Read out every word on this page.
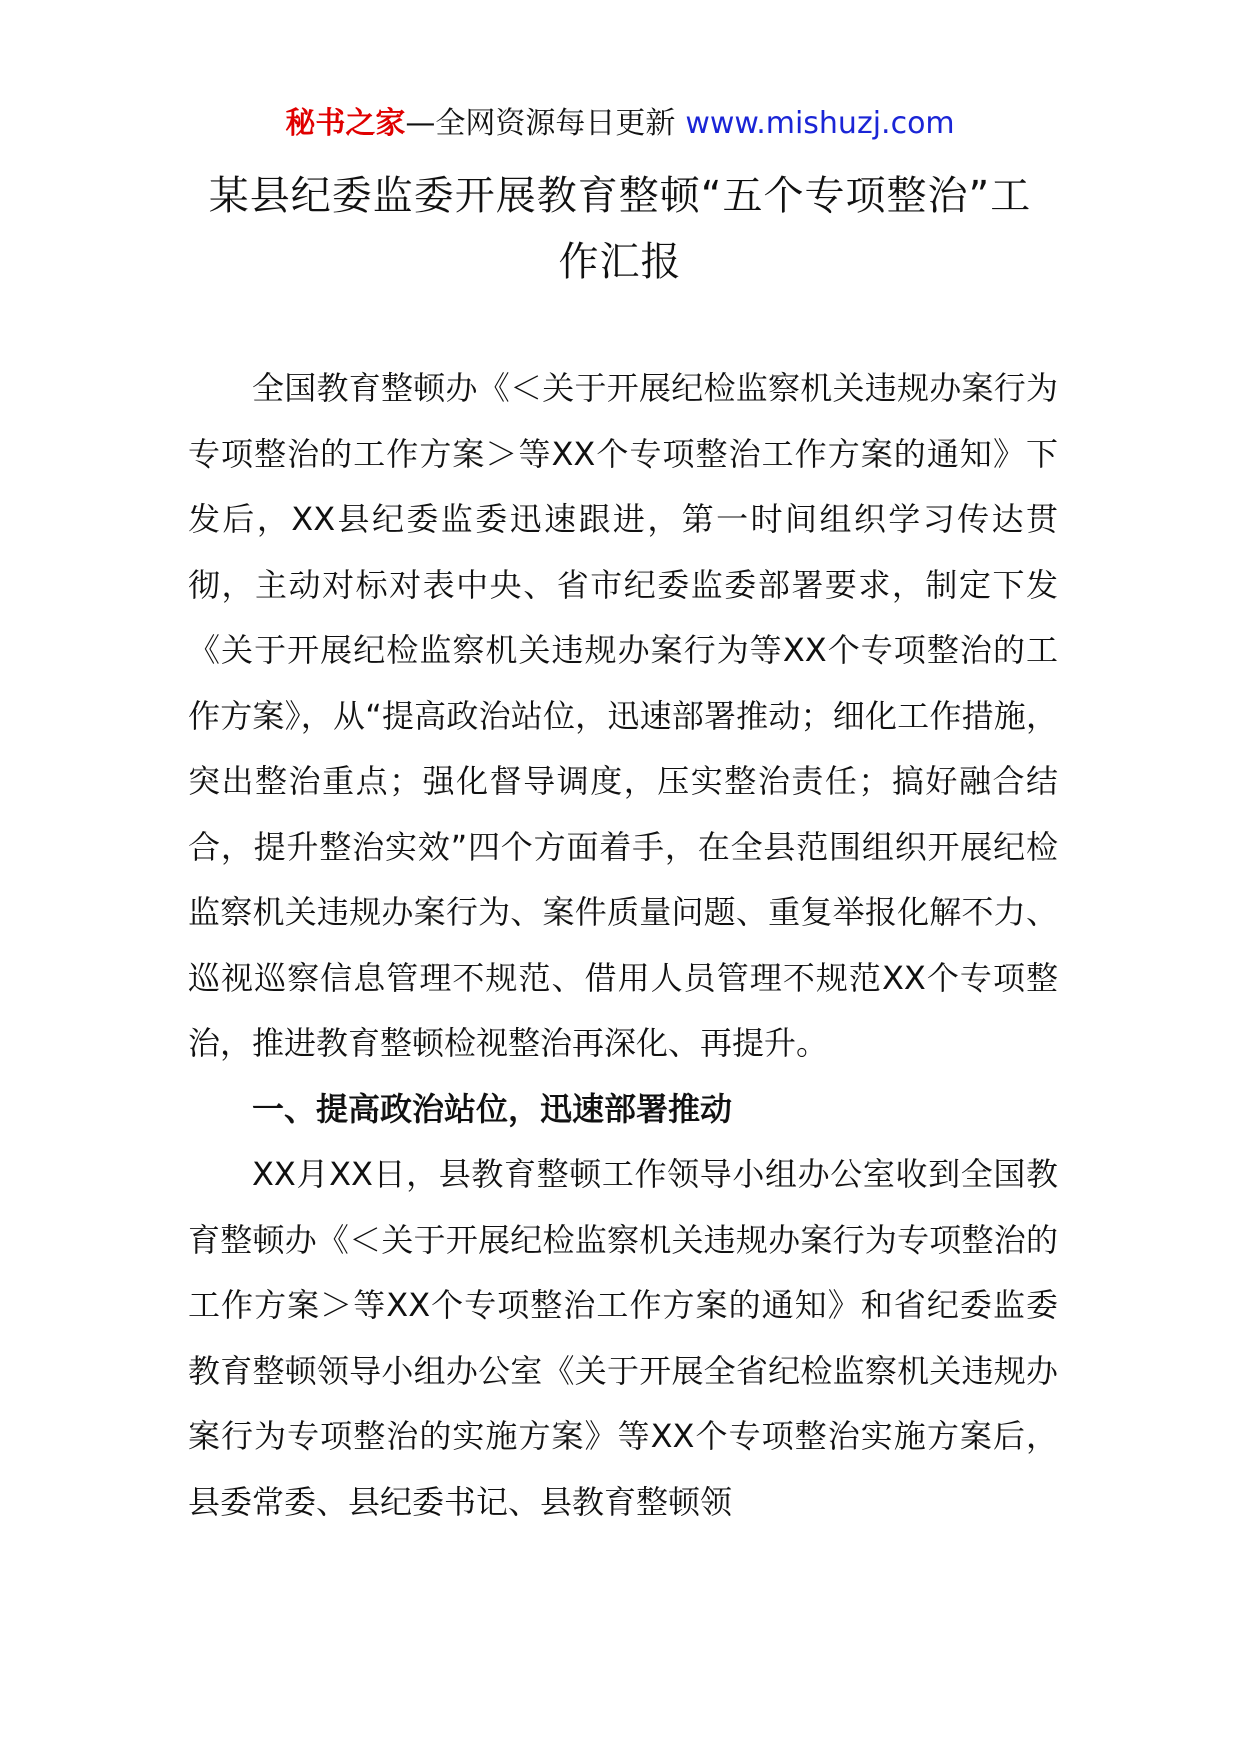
秘书之家—全网资源每日更新 www.mishuzj.com
某县纪委监委开展教育整顿“五个专项整治”工作汇报

全国教育整顿办《＜关于开展纪检监察机关违规办案行为专项整治的工作方案＞等XX个专项整治工作方案的通知》下发后，XX县纪委监委迅速跟进，第一时间组织学习传达贯彻，主动对标对表中央、省市纪委监委部署要求，制定下发《关于开展纪检监察机关违规办案行为等XX个专项整治的工作方案》，从“提高政治站位，迅速部署推动；细化工作措施，突出整治重点；强化督导调度，压实整治责任；搞好融合结合，提升整治实效”四个方面着手，在全县范围组织开展纪检监察机关违规办案行为、案件质量问题、重复举报化解不力、巡视巡察信息管理不规范、借用人员管理不规范XX个专项整治，推进教育整顿检视整治再深化、再提升。

一、提高政治站位，迅速部署推动

XX月XX日，县教育整顿工作领导小组办公室收到全国教育整顿办《＜关于开展纪检监察机关违规办案行为专项整治的工作方案＞等XX个专项整治工作方案的通知》和省纪委监委教育整顿领导小组办公室《关于开展全省纪检监察机关违规办案行为专项整治的实施方案》等XX个专项整治实施方案后，县委常委、县纪委书记、县教育整顿领
